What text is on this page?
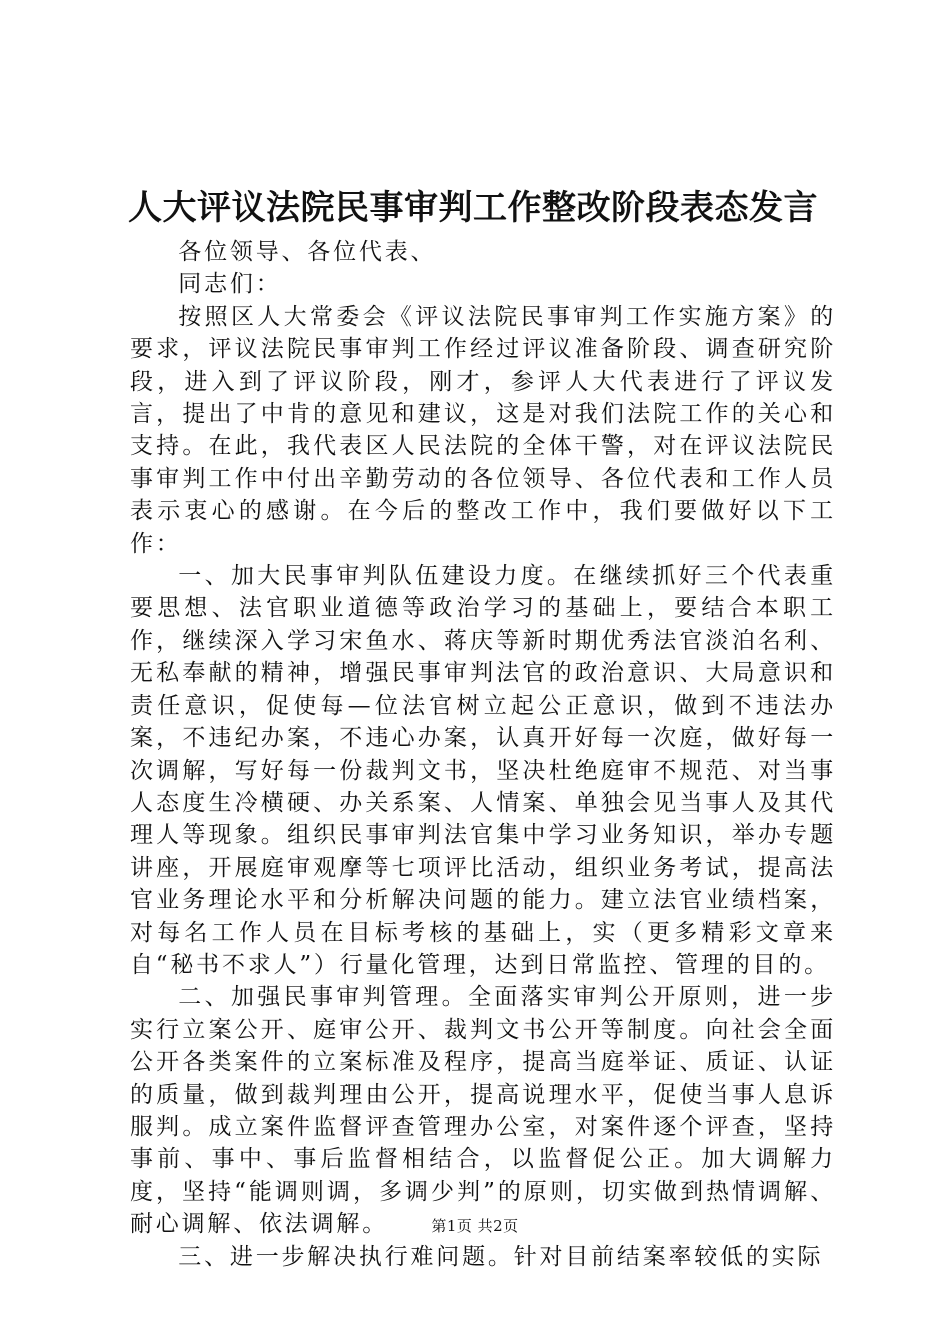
人大评议法院民事审判工作整改阶段表态发言

各位领导、各位代表、

同志们：

按照区人大常委会《评议法院民事审判工作实施方案》的要求，评议法院民事审判工作经过评议准备阶段、调查研究阶段，进入到了评议阶段，刚才，参评人大代表进行了评议发言，提出了中肯的意见和建议，这是对我们法院工作的关心和支持。在此，我代表区人民法院的全体干警，对在评议法院民事审判工作中付出辛勤劳动的各位领导、各位代表和工作人员表示衷心的感谢。在今后的整改工作中，我们要做好以下工作：

一、加大民事审判队伍建设力度。在继续抓好三个代表重要思想、法官职业道德等政治学习的基础上，要结合本职工作，继续深入学习宋鱼水、蒋庆等新时期优秀法官淡泊名利、无私奉献的精神，增强民事审判法官的政治意识、大局意识和责任意识，促使每—位法官树立起公正意识，做到不违法办案，不违纪办案，不违心办案，认真开好每一次庭，做好每一次调解，写好每一份裁判文书，坚决杜绝庭审不规范、对当事人态度生冷横硬、办关系案、人情案、单独会见当事人及其代理人等现象。组织民事审判法官集中学习业务知识，举办专题讲座，开展庭审观摩等七项评比活动，组织业务考试，提高法官业务理论水平和分析解决问题的能力。建立法官业绩档案，对每名工作人员在目标考核的基础上，实（更多精彩文章来自“秘书不求人”）行量化管理，达到日常监控、管理的目的。

二、加强民事审判管理。全面落实审判公开原则，进一步实行立案公开、庭审公开、裁判文书公开等制度。向社会全面公开各类案件的立案标准及程序，提高当庭举证、质证、认证的质量，做到裁判理由公开，提高说理水平，促使当事人息诉服判。成立案件监督评查管理办公室，对案件逐个评查，坚持事前、事中、事后监督相结合，以监督促公正。加大调解力度，坚持“能调则调，多调少判”的原则，切实做到热情调解、耐心调解、依法调解。

三、进一步解决执行难问题。针对目前结案率较低的实际

第1页 共2页
